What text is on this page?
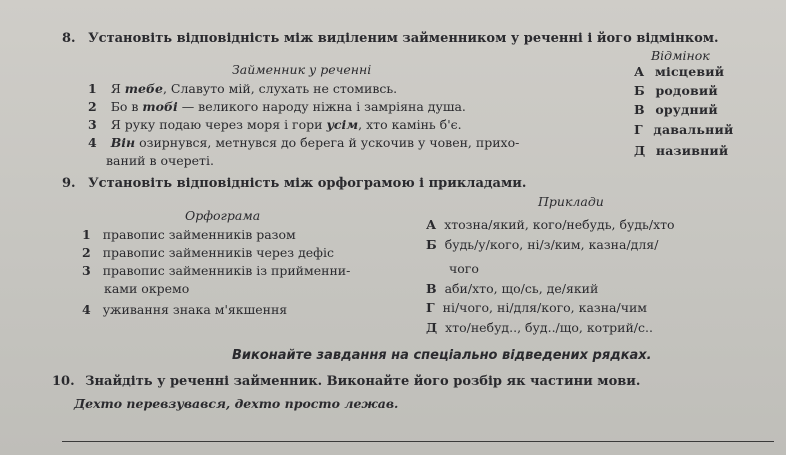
8. Установіть відповідність між виділеним займенником у реченні і його відмінком.
Відмінок
Займенник у реченні
1 Я тебе, Славуто мій, слухать не стомивсь.
2 Бо в тобі — великого народу ніжна і замріяна душа.
3 Я руку подаю через моря і гори усім, хто камінь б'є.
4 Він озирнувся, метнувся до берега й ускочив у човен, прихо-
ваний в очереті.
А місцевий
Б родовий
В орудний
Г давальний
Д називний
9. Установіть відповідність між орфограмою і прикладами.
Приклади
Орфограма
1 правопис займенників разом
2 правопис займенників через дефіс
3 правопис займенників із прийменни-
ками окремо
4 уживання знака м'якшення
А хтозна/який, кого/небудь, будь/хто
Б будь/у/кого, ні/з/ким, казна/для/
чого
В аби/хто, що/сь, де/який
Г ні/чого, ні/для/кого, казна/чим
Д хто/небуд.., буд../що, котрий/с..
Виконайте завдання на спеціально відведених рядках.
10. Знайдіть у реченні займенник. Виконайте його розбір як частини мови.
Дехто перевзувався, дехто просто лежав.
